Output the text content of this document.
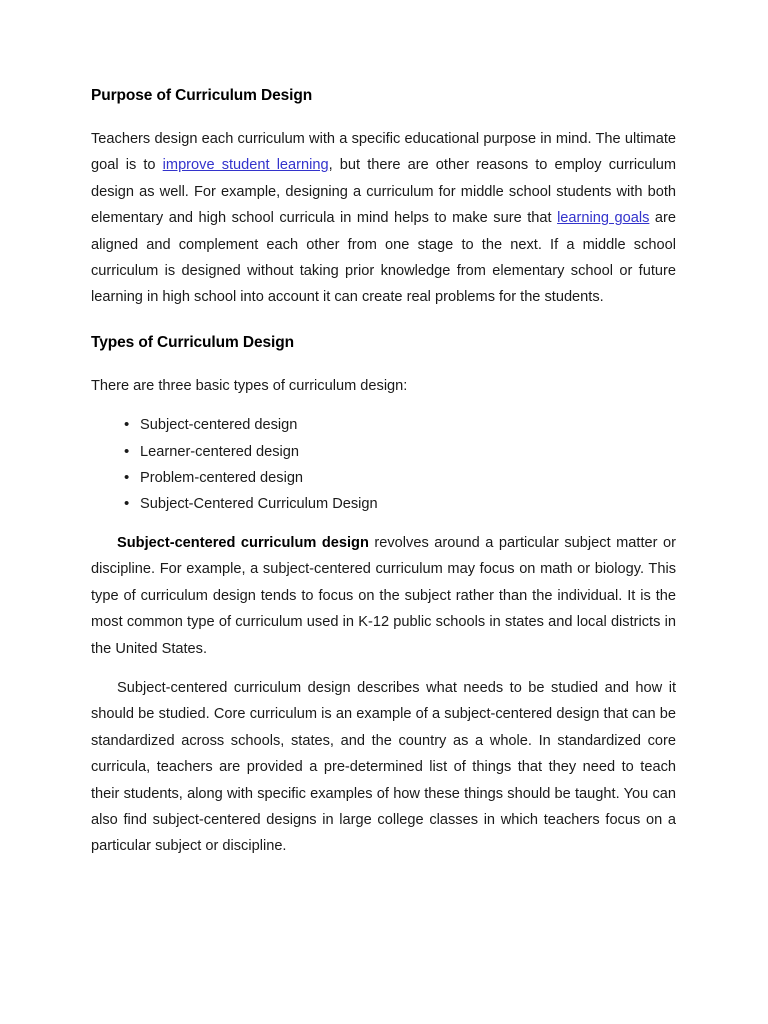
Purpose of Curriculum Design

Teachers design each curriculum with a specific educational purpose in mind. The ultimate goal is to improve student learning, but there are other reasons to employ curriculum design as well. For example, designing a curriculum for middle school students with both elementary and high school curricula in mind helps to make sure that learning goals are aligned and complement each other from one stage to the next. If a middle school curriculum is designed without taking prior knowledge from elementary school or future learning in high school into account it can create real problems for the students.

Types of Curriculum Design

There are three basic types of curriculum design:

• Subject-centered design
• Learner-centered design
• Problem-centered design
• Subject-Centered Curriculum Design

Subject-centered curriculum design revolves around a particular subject matter or discipline. For example, a subject-centered curriculum may focus on math or biology. This type of curriculum design tends to focus on the subject rather than the individual. It is the most common type of curriculum used in K-12 public schools in states and local districts in the United States.

Subject-centered curriculum design describes what needs to be studied and how it should be studied. Core curriculum is an example of a subject-centered design that can be standardized across schools, states, and the country as a whole. In standardized core curricula, teachers are provided a pre-determined list of things that they need to teach their students, along with specific examples of how these things should be taught. You can also find subject-centered designs in large college classes in which teachers focus on a particular subject or discipline.
